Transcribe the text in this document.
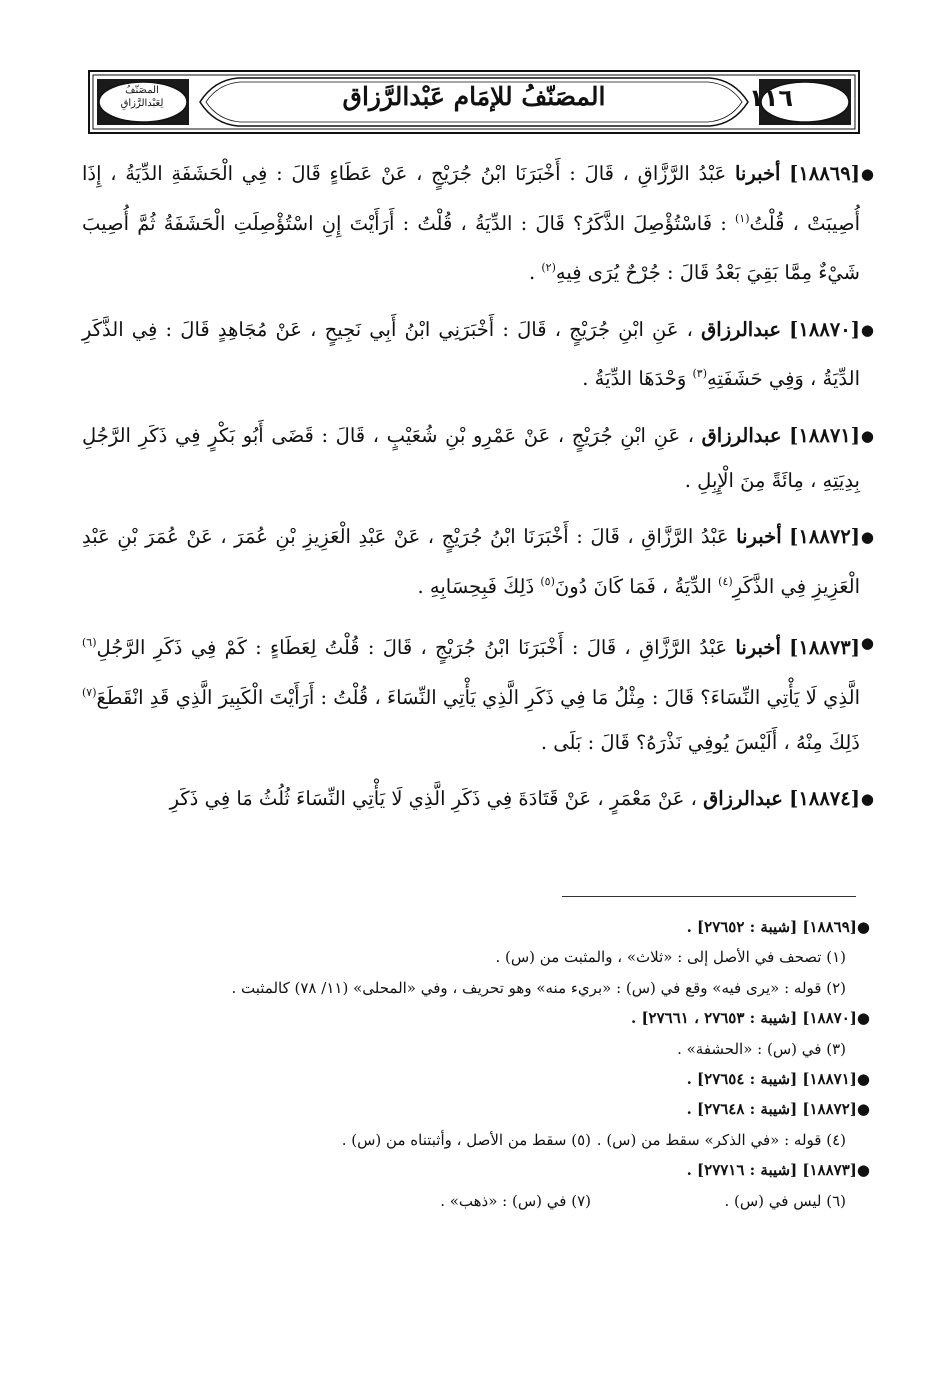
١١٦
المصَنّفُ للإمَام عَبْدالرَّزاق
المصَنّفُ
لِعَبْدالرَّزاقِ

●
[١٨٨٦٩] أخبرنا عَبْدُ الرَّزَّاقِ ، قَالَ : أَخْبَرَنَا ابْنُ جُرَيْجٍ ، عَنْ عَطَاءٍ قَالَ : فِي الْحَشَفَةِ الدِّيَةُ ، إِذَا أُصِيبَتْ ، قُلْتُ$^{(١)}$ : فَاسْتُؤْصِلَ الذَّكَرُ؟ قَالَ : الدِّيَةُ ، قُلْتُ : أَرَأَيْتَ إِنِ اسْتُؤْصِلَتِ الْحَشَفَةُ ثُمَّ أُصِيبَ شَيْءٌ مِمَّا بَقِيَ بَعْدُ قَالَ : جُرْحٌ يُرَى فِيهِ$^{(٢)}$ .

●
[١٨٨٧٠] عبدالرزاق ، عَنِ ابْنِ جُرَيْجٍ ، قَالَ : أَخْبَرَنِي ابْنُ أَبِي نَجِيحٍ ، عَنْ مُجَاهِدٍ قَالَ : فِي الذَّكَرِ الدِّيَةُ ، وَفِي حَشَفَتِهِ$^{(٣)}$ وَحْدَهَا الدِّيَةُ .

●
[١٨٨٧١] عبدالرزاق ، عَنِ ابْنِ جُرَيْجٍ ، عَنْ عَمْرِو بْنِ شُعَيْبٍ ، قَالَ : قَضَى أَبُو بَكْرٍ فِي ذَكَرِ الرَّجُلِ بِدِيَتِهِ ، مِائَةً مِنَ الْإِبِلِ .

●
[١٨٨٧٢] أخبرنا عَبْدُ الرَّزَّاقِ ، قَالَ : أَخْبَرَنَا ابْنُ جُرَيْجٍ ، عَنْ عَبْدِ الْعَزِيزِ بْنِ عُمَرَ ، عَنْ عُمَرَ بْنِ عَبْدِ الْعَزِيزِ فِي الذَّكَرِ$^{(٤)}$ الدِّيَةُ ، فَمَا كَانَ دُونَ$^{(٥)}$ ذَلِكَ فَبِحِسَابِهِ .

●
[١٨٨٧٣] أخبرنا عَبْدُ الرَّزَّاقِ ، قَالَ : أَخْبَرَنَا ابْنُ جُرَيْجٍ ، قَالَ : قُلْتُ لِعَطَاءٍ : كَمْ فِي ذَكَرِ الرَّجُلِ$^{(٦)}$ الَّذِي لَا يَأْتِي النِّسَاءَ؟ قَالَ : مِثْلُ مَا فِي ذَكَرِ الَّذِي يَأْتِي النِّسَاءَ ، قُلْتُ : أَرَأَيْتَ الْكَبِيرَ الَّذِي قَدِ انْقَطَعَ$^{(٧)}$ ذَلِكَ مِنْهُ ، أَلَيْسَ يُوفِي نَذْرَهُ؟ قَالَ : بَلَى .

●
[١٨٨٧٤] عبدالرزاق ، عَنْ مَعْمَرٍ ، عَنْ قَتَادَةَ فِي ذَكَرِ الَّذِي لَا يَأْتِي النِّسَاءَ ثُلُثُ مَا فِي ذَكَرِ

●[١٨٨٦٩] [شيبة : ٢٧٦٥٢] .
(١) تصحف في الأصل إلى : «ثلاث» ، والمثبت من (س) .
(٢) قوله : «يرى فيه» وقع في (س) : «بريء منه» وهو تحريف ، وفي «المحلى» (١١/ ٧٨) كالمثبت .
●[١٨٨٧٠] [شيبة : ٢٧٦٥٣ ، ٢٧٦٦١] .
(٣) في (س) : «الحشفة» .
●[١٨٨٧١] [شيبة : ٢٧٦٥٤] .
●[١٨٨٧٢] [شيبة : ٢٧٦٤٨] .
(٤) قوله : «في الذكر» سقط من (س) .
(٥) سقط من الأصل ، وأثبتناه من (س) .
●[١٨٨٧٣] [شيبة : ٢٧٧١٦] .
(٦) ليس في (س) .
(٧) في (س) : «ذهب» .
